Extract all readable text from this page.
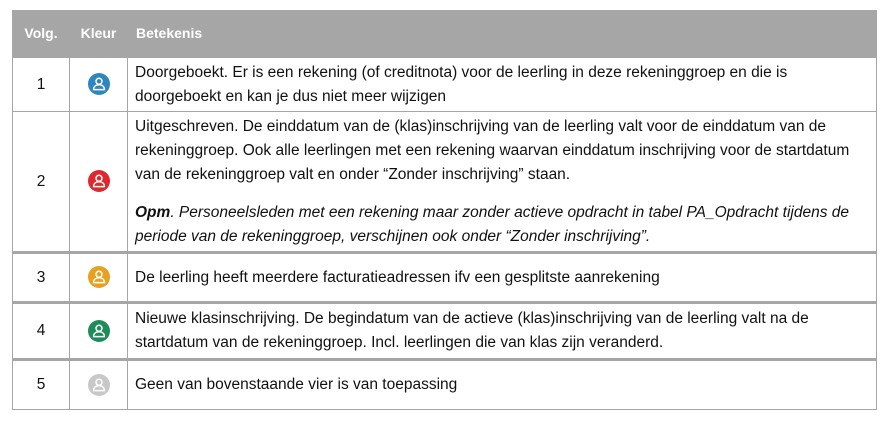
Volg.	Kleur	Betekenis
1		Doorgeboekt. Er is een rekening (of creditnota) voor de leerling in deze rekeninggroep en die is doorgeboekt en kan je dus niet meer wijzigen
2		Uitgeschreven. De einddatum van de (klas)inschrijving van de leerling valt voor de einddatum van de rekeninggroep. Ook alle leerlingen met een rekening waarvan einddatum inschrijving voor de startdatum van de rekeninggroep valt en onder “Zonder inschrijving” staan.
Opm. Personeelsleden met een rekening maar zonder actieve opdracht in tabel PA_Opdracht tijdens de periode van de rekeninggroep, verschijnen ook onder “Zonder inschrijving”.

3		De leerling heeft meerdere facturatieadressen ifv een gesplitste aanrekening
4		Nieuwe klasinschrijving. De begindatum van de actieve (klas)inschrijving van de leerling valt na de startdatum van de rekeninggroep. Incl. leerlingen die van klas zijn veranderd.
5		Geen van bovenstaande vier is van toepassing
